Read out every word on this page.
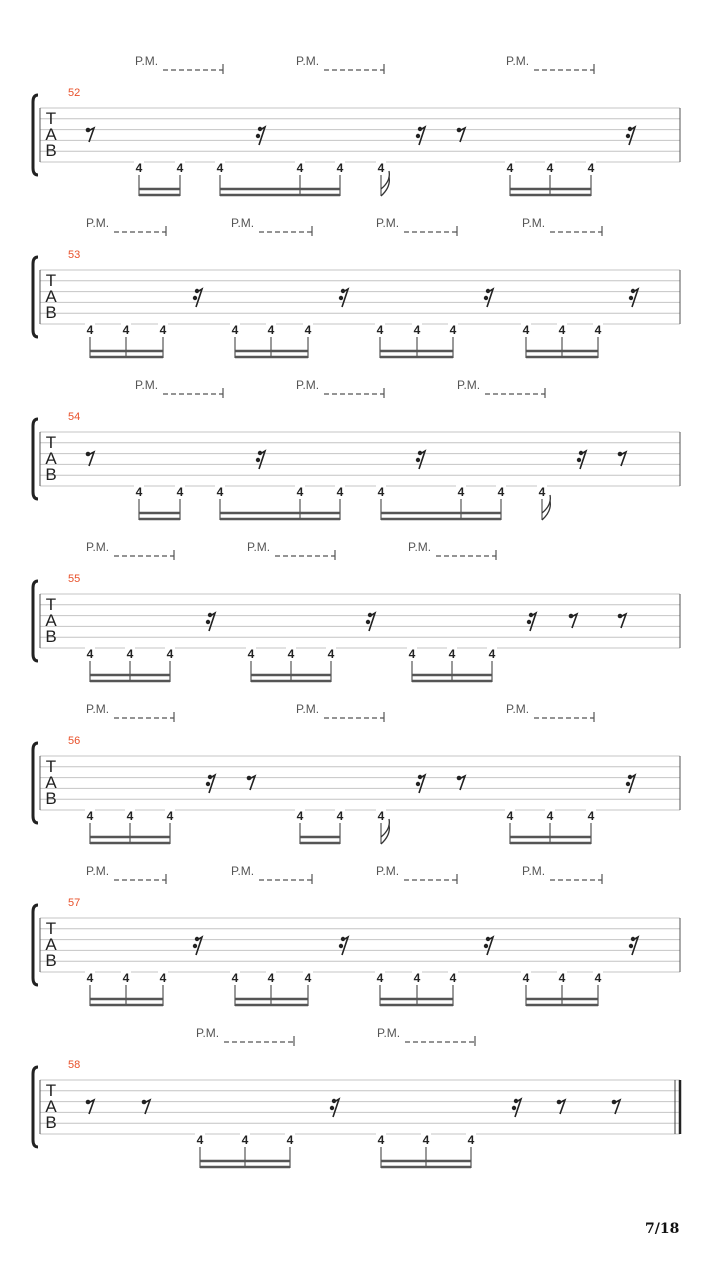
P.M.	P.M.	P.M.
52
T
A
B
4	4	4	4	4	4	4	4	4
P.M.	P.M.	P.M.	P.M.
53
T
A
B
4 4	4	4 4	4	4	4 4	4 4 4
P.M.	P.M.	P.M.
54
T
A
B
4	4	4	4	4	4	4	4	4
P.M.	P.M.	P.M.
55
T
A
B
4	4	4	4	4	4	4	4	4
P.M.	P.M.	P.M.
56
T
A
B
4	4	4	4	4	4	4	4	4
P.M.	P.M.	P.M.	P.M.
57
T
A
B
4 4	4	4 4	4	4	4 4	4 4 4
P.M.	P.M.
58
T
A
B
4	4	4	4	4	4
7/18
